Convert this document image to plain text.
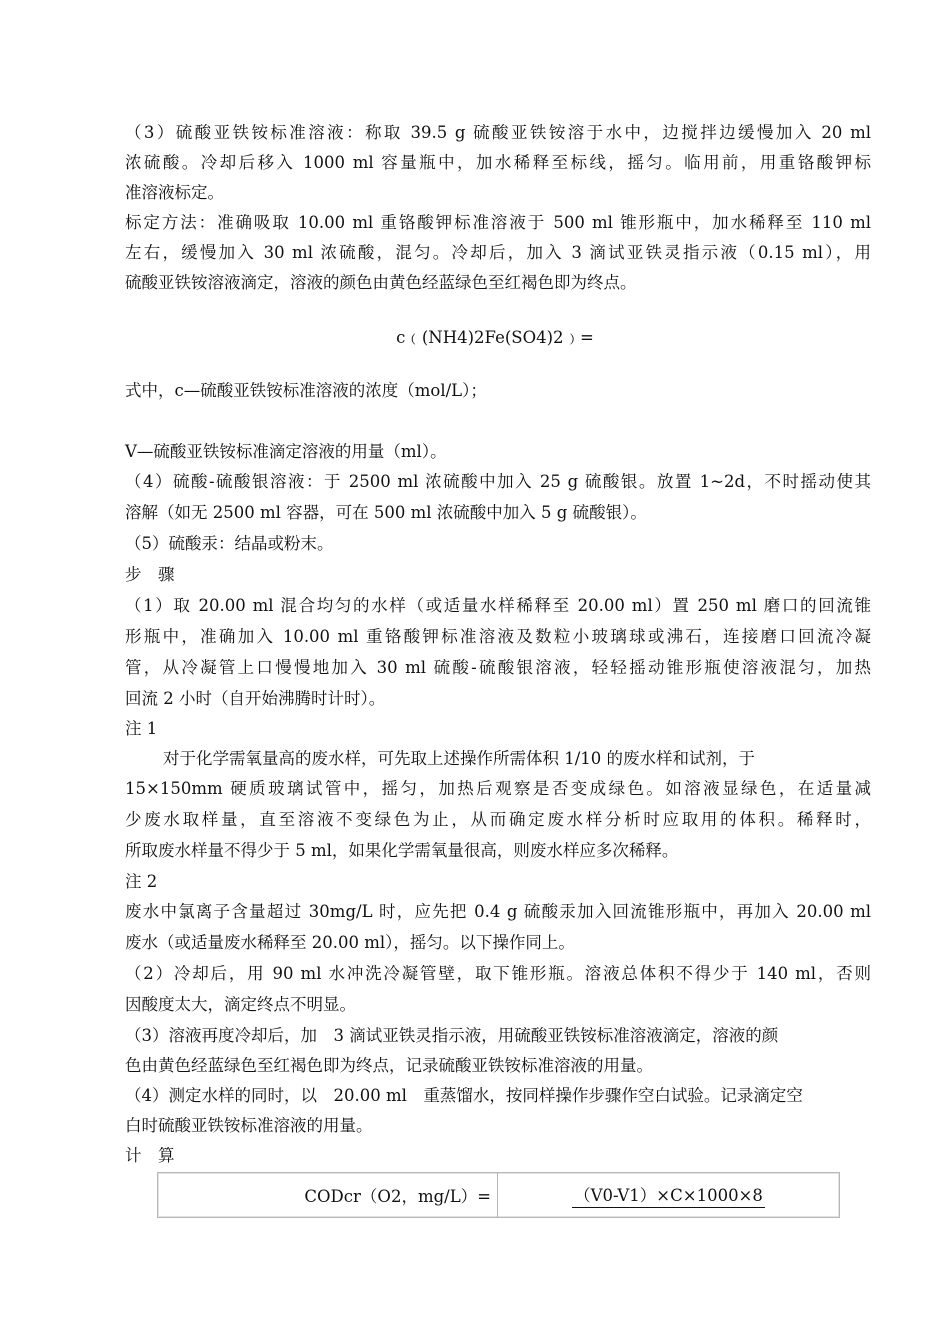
（3）硫酸亚铁铵标准溶液：称取 39.5 g 硫酸亚铁铵溶于水中，边搅拌边缓慢加入 20 ml
浓硫酸。冷却后移入 1000 ml 容量瓶中，加水稀释至标线，摇匀。临用前，用重铬酸钾标
准溶液标定。
标定方法：准确吸取 10.00 ml 重铬酸钾标准溶液于 500 ml 锥形瓶中，加水稀释至 110 ml
左右，缓慢加入 30 ml 浓硫酸，混匀。冷却后，加入 3 滴试亚铁灵指示液（0.15 ml），用
硫酸亚铁铵溶液滴定，溶液的颜色由黄色经蓝绿色至红褐色即为终点。
c﹙(NH4)2Fe(SO4)2﹚=
式中，c—硫酸亚铁铵标准溶液的浓度（mol/L）；
V—硫酸亚铁铵标准滴定溶液的用量（ml）。
（4）硫酸-硫酸银溶液：于 2500 ml 浓硫酸中加入 25 g 硫酸银。放置 1~2d，不时摇动使其
溶解（如无 2500 ml 容器，可在 500 ml 浓硫酸中加入 5 g 硫酸银）。
（5）硫酸汞：结晶或粉末。
步　骤
（1）取 20.00 ml 混合均匀的水样（或适量水样稀释至 20.00 ml）置 250 ml 磨口的回流锥
形瓶中，准确加入 10.00 ml 重铬酸钾标准溶液及数粒小玻璃球或沸石，连接磨口回流冷凝
管，从冷凝管上口慢慢地加入 30 ml 硫酸-硫酸银溶液，轻轻摇动锥形瓶使溶液混匀，加热
回流 2 小时（自开始沸腾时计时）。
注 1
对于化学需氧量高的废水样，可先取上述操作所需体积 1/10 的废水样和试剂，于
15×150mm 硬质玻璃试管中，摇匀，加热后观察是否变成绿色。如溶液显绿色，在适量减
少废水取样量，直至溶液不变绿色为止，从而确定废水样分析时应取用的体积。稀释时，
所取废水样量不得少于 5 ml，如果化学需氧量很高，则废水样应多次稀释。
注 2
废水中氯离子含量超过 30mg/L 时，应先把 0.4 g 硫酸汞加入回流锥形瓶中，再加入 20.00 ml
废水（或适量废水稀释至 20.00 ml），摇匀。以下操作同上。
（2）冷却后，用 90 ml 水冲洗冷凝管壁，取下锥形瓶。溶液总体积不得少于 140 ml，否则
因酸度太大，滴定终点不明显。
（3）溶液再度冷却后，加　3 滴试亚铁灵指示液，用硫酸亚铁铵标准溶液滴定，溶液的颜
色由黄色经蓝绿色至红褐色即为终点，记录硫酸亚铁铵标准溶液的用量。
（4）测定水样的同时，以　20.00 ml　重蒸馏水，按同样操作步骤作空白试验。记录滴定空
白时硫酸亚铁铵标准溶液的用量。
计　算
CODcr（O2，mg/L）=	（V0-V1）×C×1000×8
